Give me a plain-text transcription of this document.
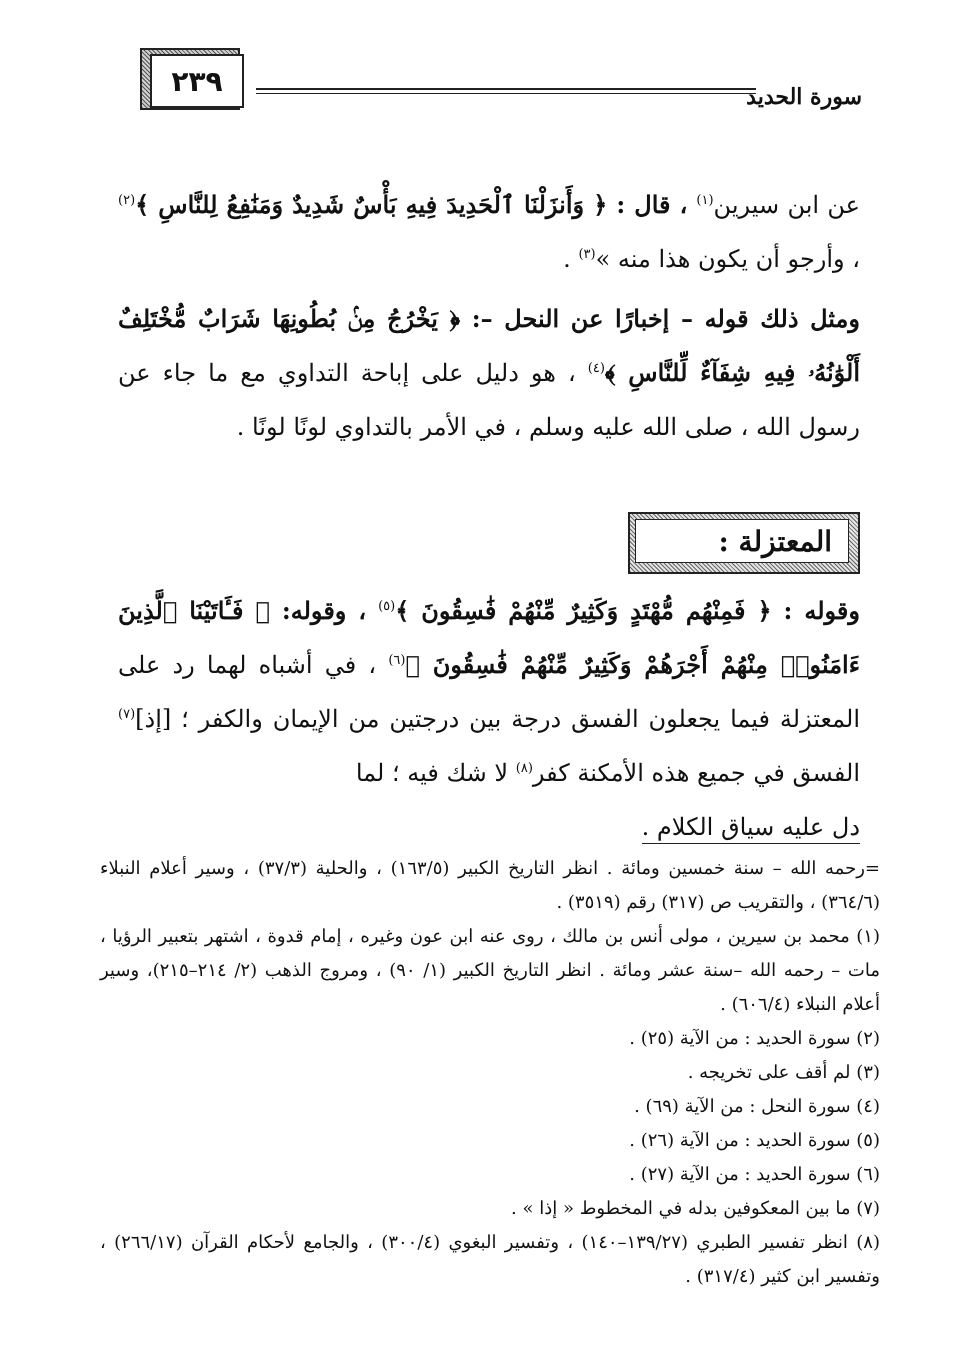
٢٣٩	سورة الحديد
عن ابن سيرين$^{(١)}$ ، قال : ﴿ وَأَنزَلْنَا ٱلْحَدِيدَ فِيهِ بَأْسٌ شَدِيدٌ وَمَنَٰفِعُ لِلنَّاسِ ﴾$^{(٢)}$ ، وأرجو أن يكون هذا منه »$^{(٣)}$ .
ومثل ذلك قوله – إخبارًا عن النحل –: ﴿ يَخْرُجُ مِنۢ بُطُونِهَا شَرَابٌ مُّخْتَلِفٌ أَلْوَٰنُهُۥ فِيهِ شِفَآءٌ لِّلنَّاسِ ﴾$^{(٤)}$ ، هو دليل على إباحة التداوي مع ما جاء عن رسول الله ، صلى الله عليه وسلم ، في الأمر بالتداوي لونًا لونًا .
المعتزلة :
وقوله : ﴿ فَمِنْهُم مُّهْتَدٍ وَكَثِيرٌ مِّنْهُمْ فَٰسِقُونَ ﴾$^{(٥)}$ ، وقوله: ﴿ فَـَٔاتَيْنَا ٱلَّذِينَ ءَامَنُوا۟ مِنْهُمْ أَجْرَهُمْ وَكَثِيرٌ مِّنْهُمْ فَٰسِقُونَ ﴾$^{(٦)}$ ، في أشباه لهما رد على المعتزلة فيما يجعلون الفسق درجة بين درجتين من الإيمان والكفر ؛ [إذ]$^{(٧)}$ الفسق في جميع هذه الأمكنة كفر$^{(٨)}$ لا شك فيه ؛ لما
دل عليه سياق الكلام .

=رحمه الله – سنة خمسين ومائة . انظر التاريخ الكبير (١٦٣/٥) ، والحلية (٣٧/٣) ، وسير أعلام النبلاء (٣٦٤/٦) ، والتقريب ص (٣١٧) رقم (٣٥١٩) .

(١) محمد بن سيرين ، مولى أنس بن مالك ، روى عنه ابن عون وغيره ، إمام قدوة ، اشتهر بتعبير الرؤيا ، مات – رحمه الله –سنة عشر ومائة . انظر التاريخ الكبير (١/ ٩٠) ، ومروج الذهب (٢/ ٢١٤–٢١٥)، وسير أعلام النبلاء (٦٠٦/٤) .

(٢) سورة الحديد : من الآية (٢٥) .

(٣) لم أقف على تخريجه .

(٤) سورة النحل : من الآية (٦٩) .

(٥) سورة الحديد : من الآية (٢٦) .

(٦) سورة الحديد : من الآية (٢٧) .

(٧) ما بين المعكوفين بدله في المخطوط « إذا » .

(٨) انظر تفسير الطبري (١٣٩/٢٧–١٤٠) ، وتفسير البغوي (٣٠٠/٤) ، والجامع لأحكام القرآن (٢٦٦/١٧) ، وتفسير ابن كثير (٣١٧/٤) .
